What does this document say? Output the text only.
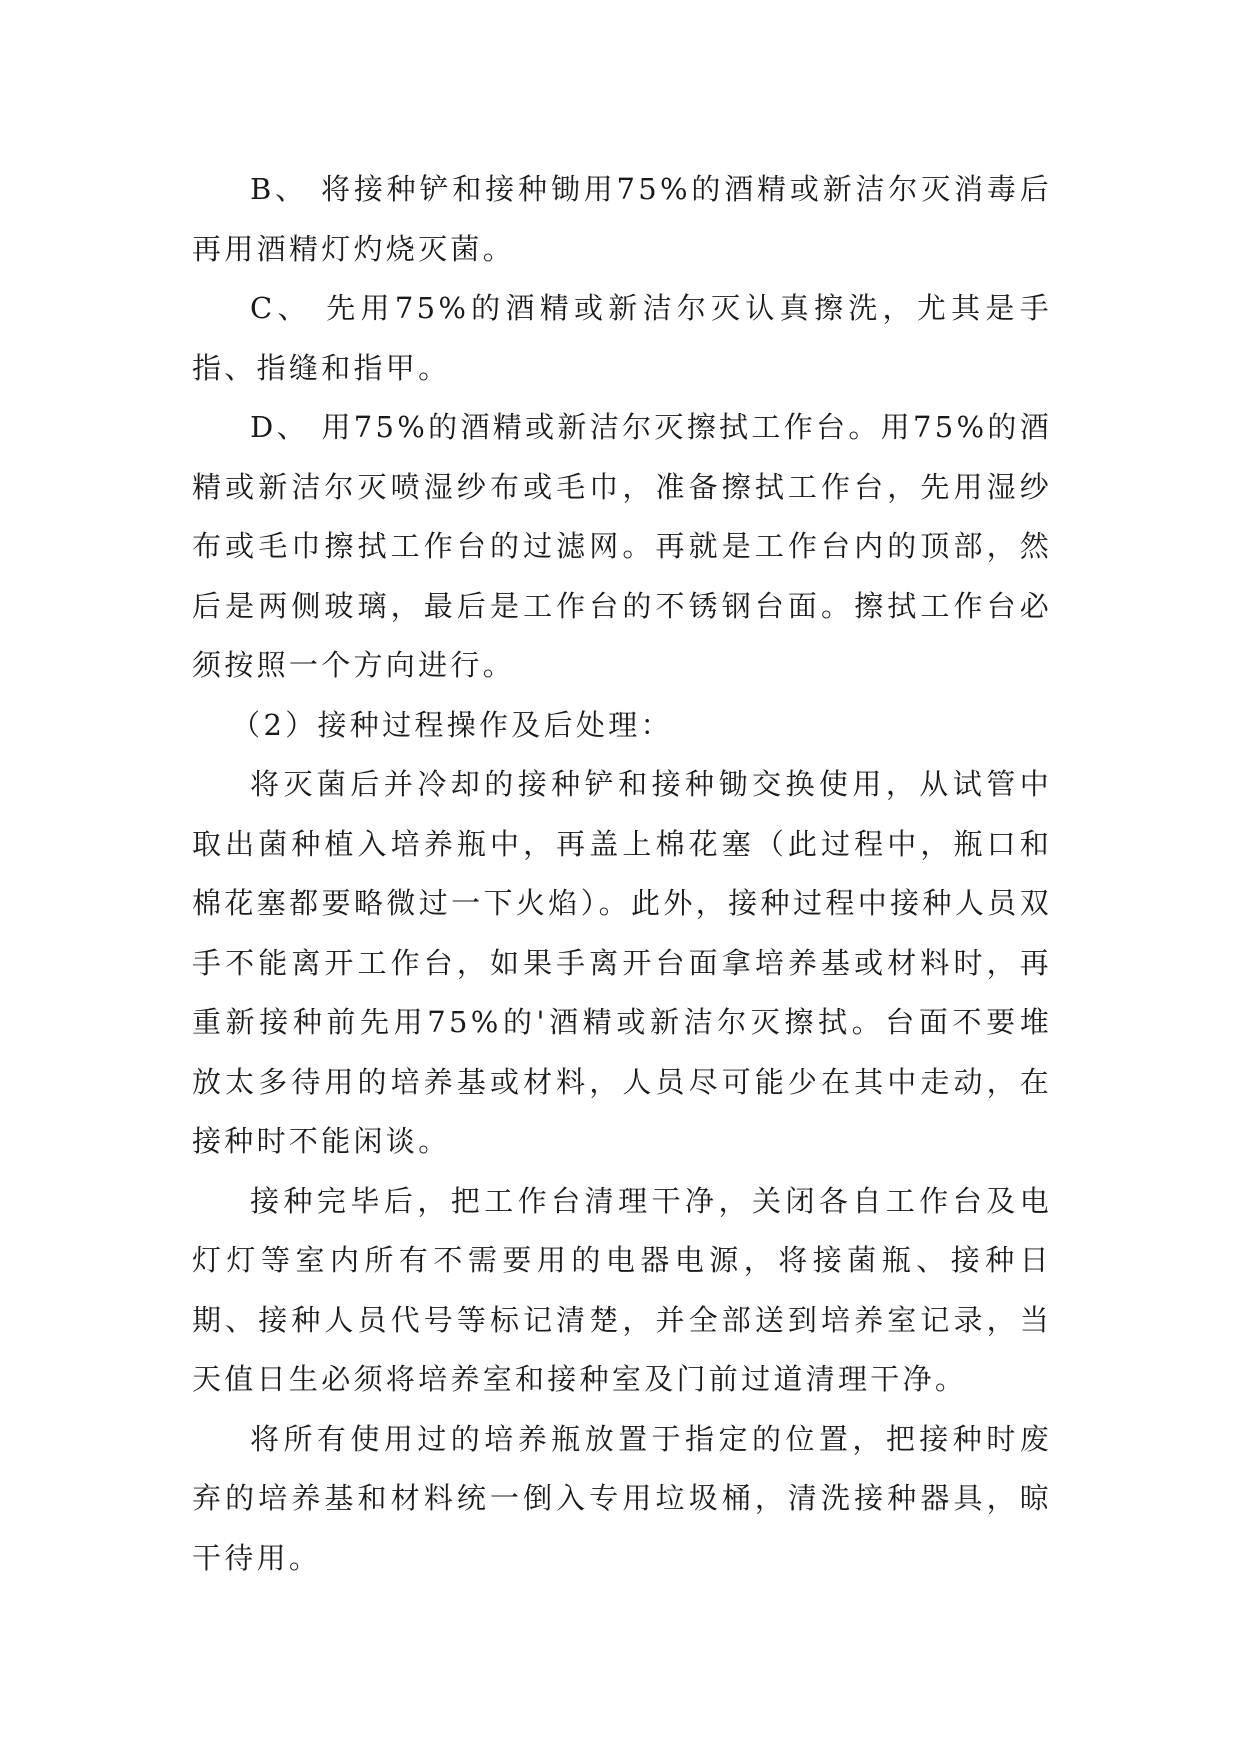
B、 将接种铲和接种锄用75%的酒精或新洁尔灭消毒后再用酒精灯灼烧灭菌。

C、 先用75%的酒精或新洁尔灭认真擦洗，尤其是手指、指缝和指甲。

D、 用75%的酒精或新洁尔灭擦拭工作台。用75%的酒精或新洁尔灭喷湿纱布或毛巾，准备擦拭工作台，先用湿纱布或毛巾擦拭工作台的过滤网。再就是工作台内的顶部，然后是两侧玻璃，最后是工作台的不锈钢台面。擦拭工作台必须按照一个方向进行。

（2）接种过程操作及后处理：

将灭菌后并冷却的接种铲和接种锄交换使用，从试管中取出菌种植入培养瓶中，再盖上棉花塞（此过程中，瓶口和棉花塞都要略微过一下火焰）。此外，接种过程中接种人员双手不能离开工作台，如果手离开台面拿培养基或材料时，再重新接种前先用75%的'酒精或新洁尔灭擦拭。台面不要堆放太多待用的培养基或材料，人员尽可能少在其中走动，在接种时不能闲谈。

接种完毕后，把工作台清理干净，关闭各自工作台及电灯灯等室内所有不需要用的电器电源，将接菌瓶、接种日期、接种人员代号等标记清楚，并全部送到培养室记录，当天值日生必须将培养室和接种室及门前过道清理干净。

将所有使用过的培养瓶放置于指定的位置，把接种时废弃的培养基和材料统一倒入专用垃圾桶，清洗接种器具，晾干待用。
